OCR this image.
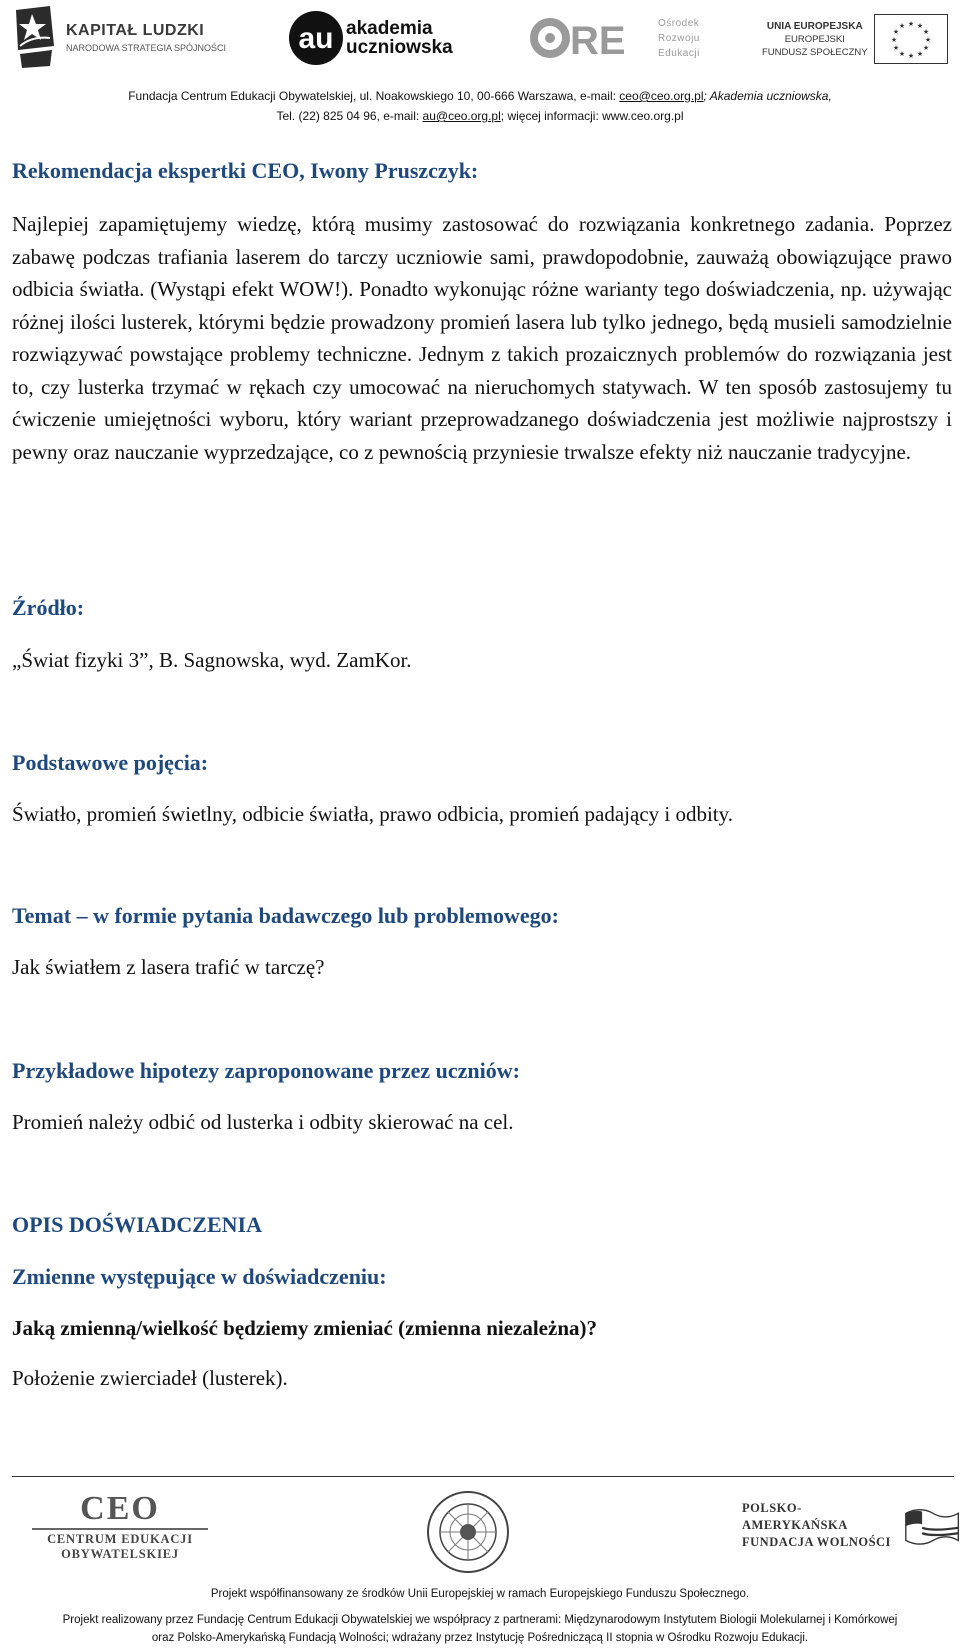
KAPITAŁ LUDZKI
NARODOWA STRATEGIA SPÓJNOŚCI au akademia
uczniowska	RE	Ośrodek
Rozwoju
Edukacji
UNIA EUROPEJSKA
EUROPEJSKI
FUNDUSZ SPOŁECZNY
★ ★
★
★
★
★
★
★
★
★
★
★
Fundacja Centrum Edukacji Obywatelskiej, ul. Noakowskiego 10, 00-666 Warszawa, e-mail: ceo@ceo.org.pl; Akademia uczniowska,
Tel. (22) 825 04 96, e-mail: au@ceo.org.pl; więcej informacji: www.ceo.org.pl
Rekomendacja ekspertki CEO, Iwony Pruszczyk:
Najlepiej zapamiętujemy wiedzę, którą musimy zastosować do rozwiązania konkretnego zadania. Poprzez zabawę podczas trafiania laserem do tarczy uczniowie sami, prawdopodobnie, zauważą obowiązujące prawo odbicia światła. (Wystąpi efekt WOW!). Ponadto wykonując różne warianty tego doświadczenia, np. używając różnej ilości lusterek, którymi będzie prowadzony promień lasera lub tylko jednego, będą musieli samodzielnie rozwiązywać powstające problemy techniczne. Jednym z takich prozaicznych problemów do rozwiązania jest to, czy lusterka trzymać w rękach czy umocować na nieruchomych statywach. W ten sposób zastosujemy tu ćwiczenie umiejętności wyboru, który wariant przeprowadzanego doświadczenia jest możliwie najprostszy i pewny oraz nauczanie wyprzedzające, co z pewnością przyniesie trwalsze efekty niż nauczanie tradycyjne.
Źródło:
„Świat fizyki 3”, B. Sagnowska, wyd. ZamKor.
Podstawowe pojęcia:
Światło, promień świetlny, odbicie światła, prawo odbicia, promień padający i odbity.
Temat – w formie pytania badawczego lub problemowego:
Jak światłem z lasera trafić w tarczę?
Przykładowe hipotezy zaproponowane przez uczniów:
Promień należy odbić od lusterka i odbity skierować na cel.
OPIS DOŚWIADCZENIA
Zmienne występujące w doświadczeniu:
Jaką zmienną/wielkość będziemy zmieniać (zmienna niezależna)?
Położenie zwierciadeł (lusterek).
CEO
CENTRUM EDUKACJI OBYWATELSKIEJ
POLSKO-AMERYKAŃSKA
FUNDACJA WOLNOŚCI
Projekt współfinansowany ze środków Unii Europejskiej w ramach Europejskiego Funduszu Społecznego.
Projekt realizowany przez Fundację Centrum Edukacji Obywatelskiej we współpracy z partnerami: Międzynarodowym Instytutem Biologii Molekularnej i Komórkowej
oraz Polsko-Amerykańską Fundacją Wolności; wdrażany przez Instytucję Pośredniczącą II stopnia w Ośrodku Rozwoju Edukacji.
